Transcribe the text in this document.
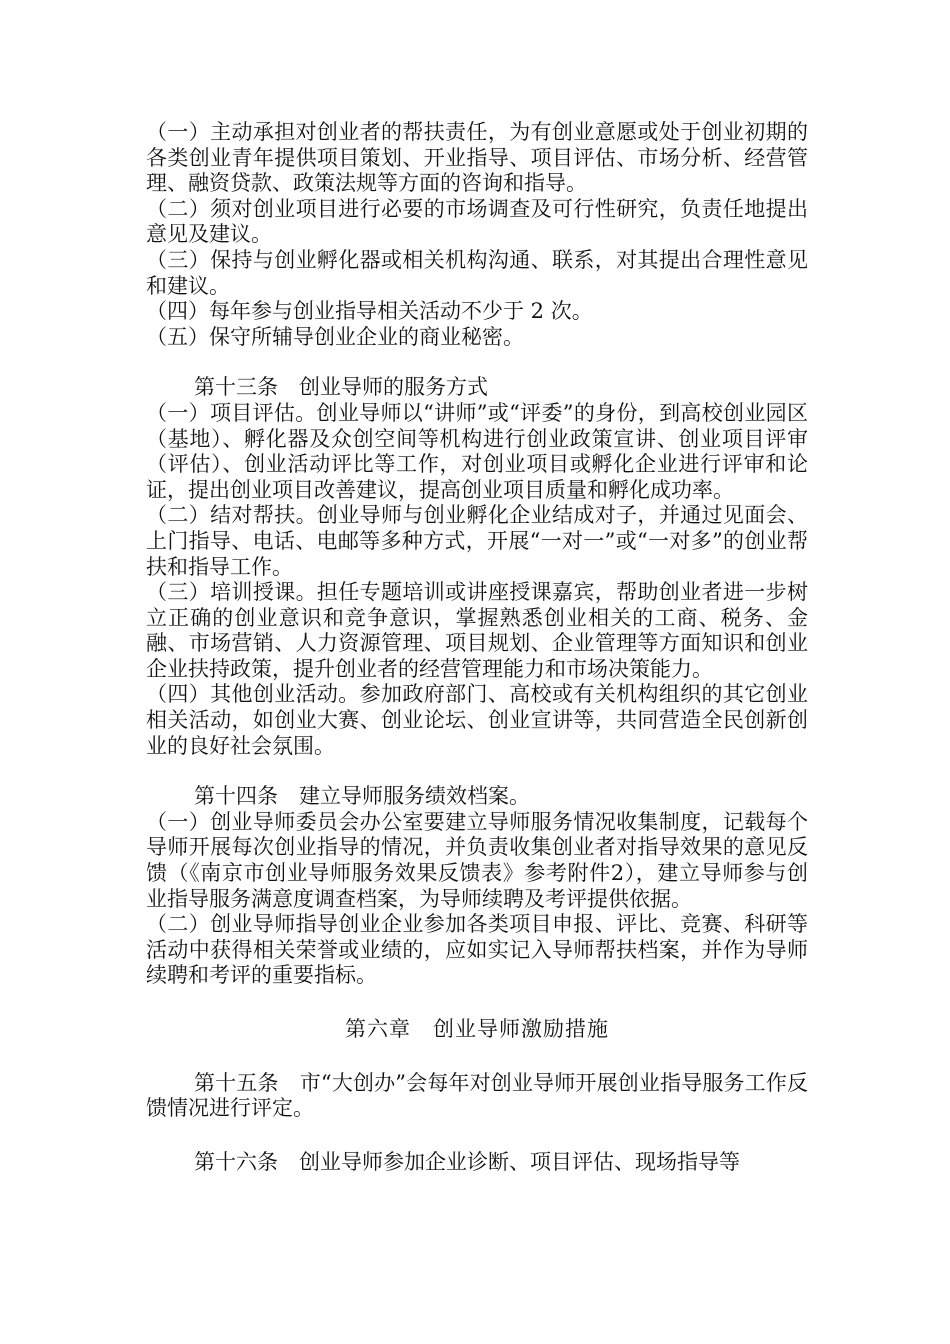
（一）主动承担对创业者的帮扶责任，为有创业意愿或处于创业初期的各类创业青年提供项目策划、开业指导、项目评估、市场分析、经营管理、融资贷款、政策法规等方面的咨询和指导。

（二）须对创业项目进行必要的市场调查及可行性研究，负责任地提出意见及建议。

（三）保持与创业孵化器或相关机构沟通、联系，对其提出合理性意见和建议。

（四）每年参与创业指导相关活动不少于 2 次。

（五）保守所辅导创业企业的商业秘密。

第十三条　创业导师的服务方式

（一）项目评估。创业导师以“讲师”或“评委”的身份，到高校创业园区（基地）、孵化器及众创空间等机构进行创业政策宣讲、创业项目评审（评估）、创业活动评比等工作，对创业项目或孵化企业进行评审和论证，提出创业项目改善建议，提高创业项目质量和孵化成功率。

（二）结对帮扶。创业导师与创业孵化企业结成对子，并通过见面会、上门指导、电话、电邮等多种方式，开展“一对一”或“一对多”的创业帮扶和指导工作。

（三）培训授课。担任专题培训或讲座授课嘉宾，帮助创业者进一步树立正确的创业意识和竞争意识，掌握熟悉创业相关的工商、税务、金融、市场营销、人力资源管理、项目规划、企业管理等方面知识和创业企业扶持政策，提升创业者的经营管理能力和市场决策能力。

（四）其他创业活动。参加政府部门、高校或有关机构组织的其它创业相关活动，如创业大赛、创业论坛、创业宣讲等，共同营造全民创新创业的良好社会氛围。

第十四条　建立导师服务绩效档案。

（一）创业导师委员会办公室要建立导师服务情况收集制度，记载每个导师开展每次创业指导的情况，并负责收集创业者对指导效果的意见反馈（《南京市创业导师服务效果反馈表》参考附件2），建立导师参与创业指导服务满意度调查档案，为导师续聘及考评提供依据。

（二）创业导师指导创业企业参加各类项目申报、评比、竞赛、科研等活动中获得相关荣誉或业绩的，应如实记入导师帮扶档案，并作为导师续聘和考评的重要指标。

第六章　创业导师激励措施

第十五条　市“大创办”会每年对创业导师开展创业指导服务工作反馈情况进行评定。

第十六条　创业导师参加企业诊断、项目评估、现场指导等
